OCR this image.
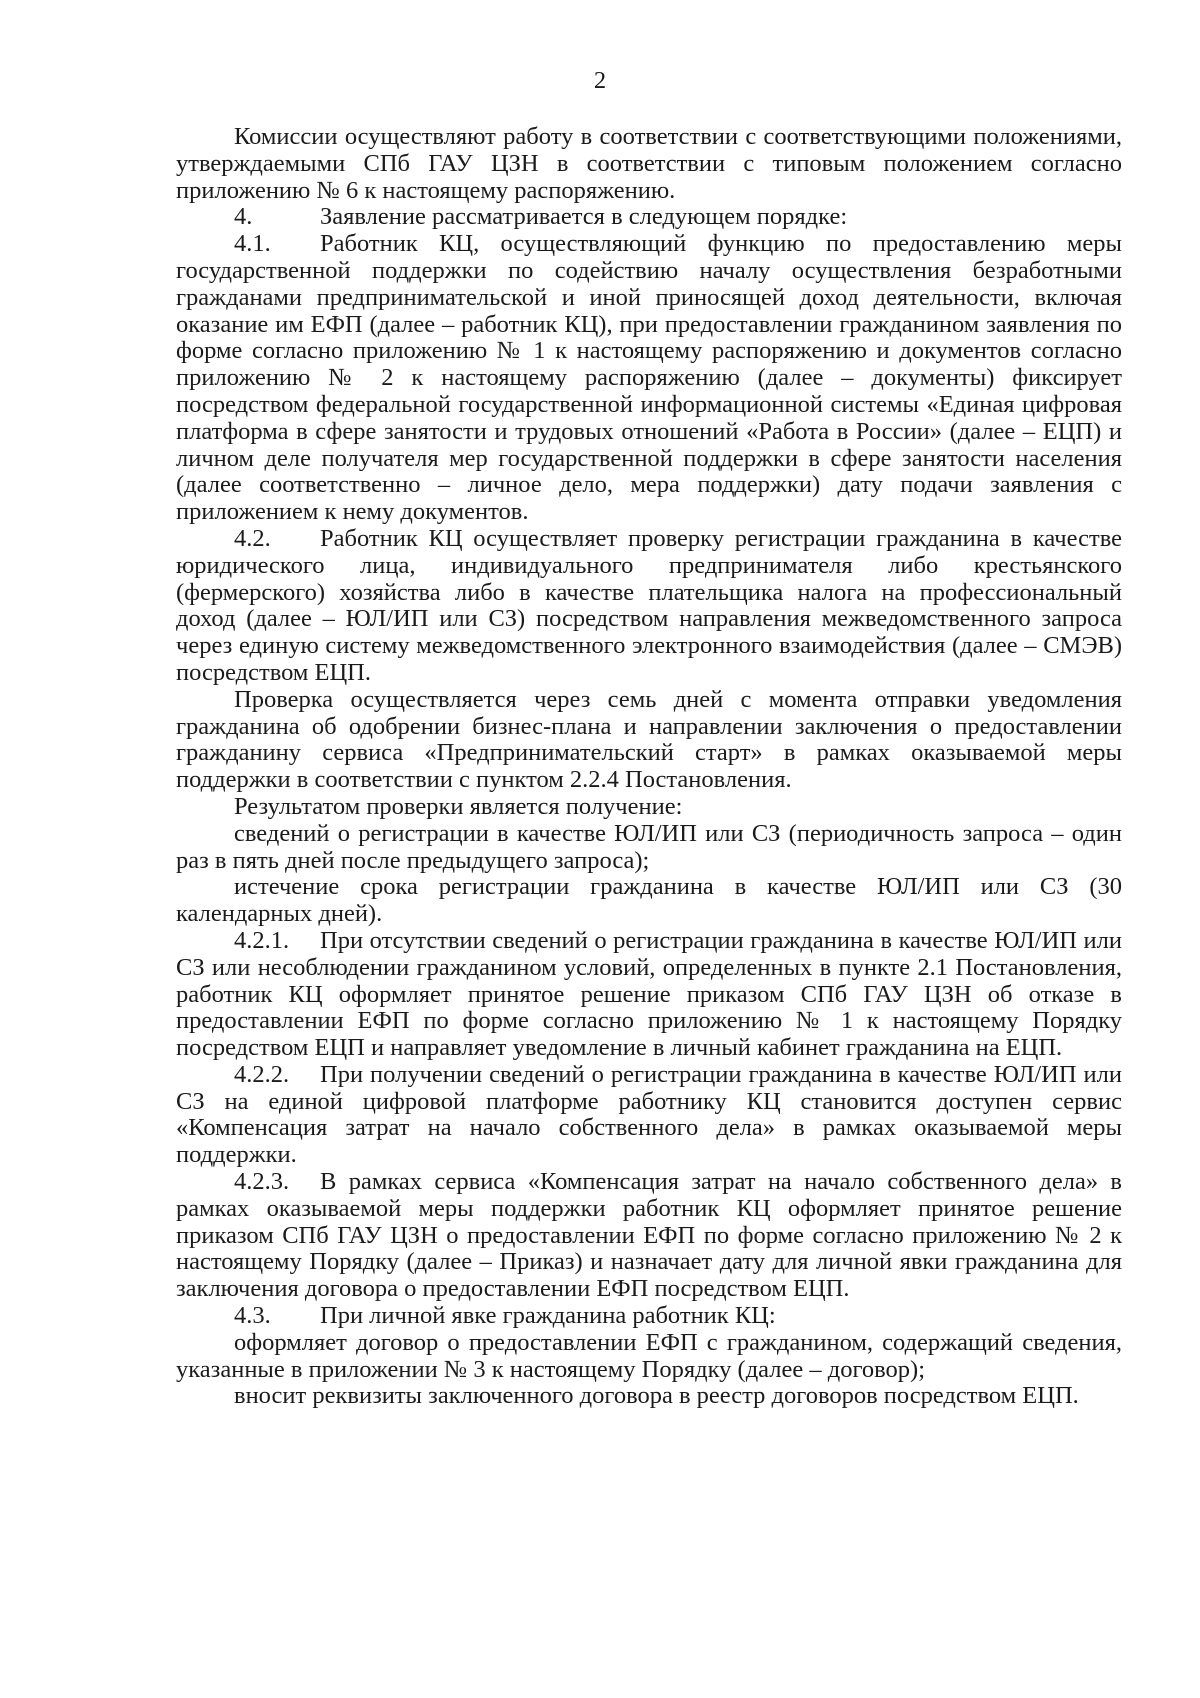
2

Комиссии осуществляют работу в соответствии с соответствующими положениями, утверждаемыми СПб ГАУ ЦЗН в соответствии с типовым положением согласно приложению № 6 к настоящему распоряжению.

4.	Заявление рассматривается в следующем порядке:

4.1. Работник КЦ, осуществляющий функцию по предоставлению меры государственной поддержки по содействию началу осуществления безработными гражданами предпринимательской и иной приносящей доход деятельности, включая оказание им ЕФП (далее – работник КЦ), при предоставлении гражданином заявления по форме согласно приложению № 1 к настоящему распоряжению и документов согласно приложению № 2 к настоящему распоряжению (далее – документы) фиксирует посредством федеральной государственной информационной системы «Единая цифровая платформа в сфере занятости и трудовых отношений «Работа в России» (далее – ЕЦП) и личном деле получателя мер государственной поддержки в сфере занятости населения (далее соответственно – личное дело, мера поддержки) дату подачи заявления с приложением к нему документов.

4.2. Работник КЦ осуществляет проверку регистрации гражданина в качестве юридического лица, индивидуального предпринимателя либо крестьянского (фермерского) хозяйства либо в качестве плательщика налога на профессиональный доход (далее – ЮЛ/ИП или СЗ) посредством направления межведомственного запроса через единую систему межведомственного электронного взаимодействия (далее – СМЭВ) посредством ЕЦП.

Проверка осуществляется через семь дней с момента отправки уведомления гражданина об одобрении бизнес-плана и направлении заключения о предоставлении гражданину сервиса «Предпринимательский старт» в рамках оказываемой меры поддержки в соответствии с пунктом 2.2.4 Постановления.

Результатом проверки является получение:

сведений о регистрации в качестве ЮЛ/ИП или СЗ (периодичность запроса – один раз в пять дней после предыдущего запроса);

истечение срока регистрации гражданина в качестве ЮЛ/ИП или СЗ (30 календарных дней).

4.2.1. При отсутствии сведений о регистрации гражданина в качестве ЮЛ/ИП или СЗ или несоблюдении гражданином условий, определенных в пункте 2.1 Постановления, работник КЦ оформляет принятое решение приказом СПб ГАУ ЦЗН об отказе в предоставлении ЕФП по форме согласно приложению № 1 к настоящему Порядку посредством ЕЦП и направляет уведомление в личный кабинет гражданина на ЕЦП.

4.2.2. При получении сведений о регистрации гражданина в качестве ЮЛ/ИП или СЗ на единой цифровой платформе работнику КЦ становится доступен сервис «Компенсация затрат на начало собственного дела» в рамках оказываемой меры поддержки.

4.2.3. В рамках сервиса «Компенсация затрат на начало собственного дела» в рамках оказываемой меры поддержки работник КЦ оформляет принятое решение приказом СПб ГАУ ЦЗН о предоставлении ЕФП по форме согласно приложению № 2 к настоящему Порядку (далее – Приказ) и назначает дату для личной явки гражданина для заключения договора о предоставлении ЕФП посредством ЕЦП.

4.3. При личной явке гражданина работник КЦ:

оформляет договор о предоставлении ЕФП с гражданином, содержащий сведения, указанные в приложении № 3 к настоящему Порядку (далее – договор);

вносит реквизиты заключенного договора в реестр договоров посредством ЕЦП.
